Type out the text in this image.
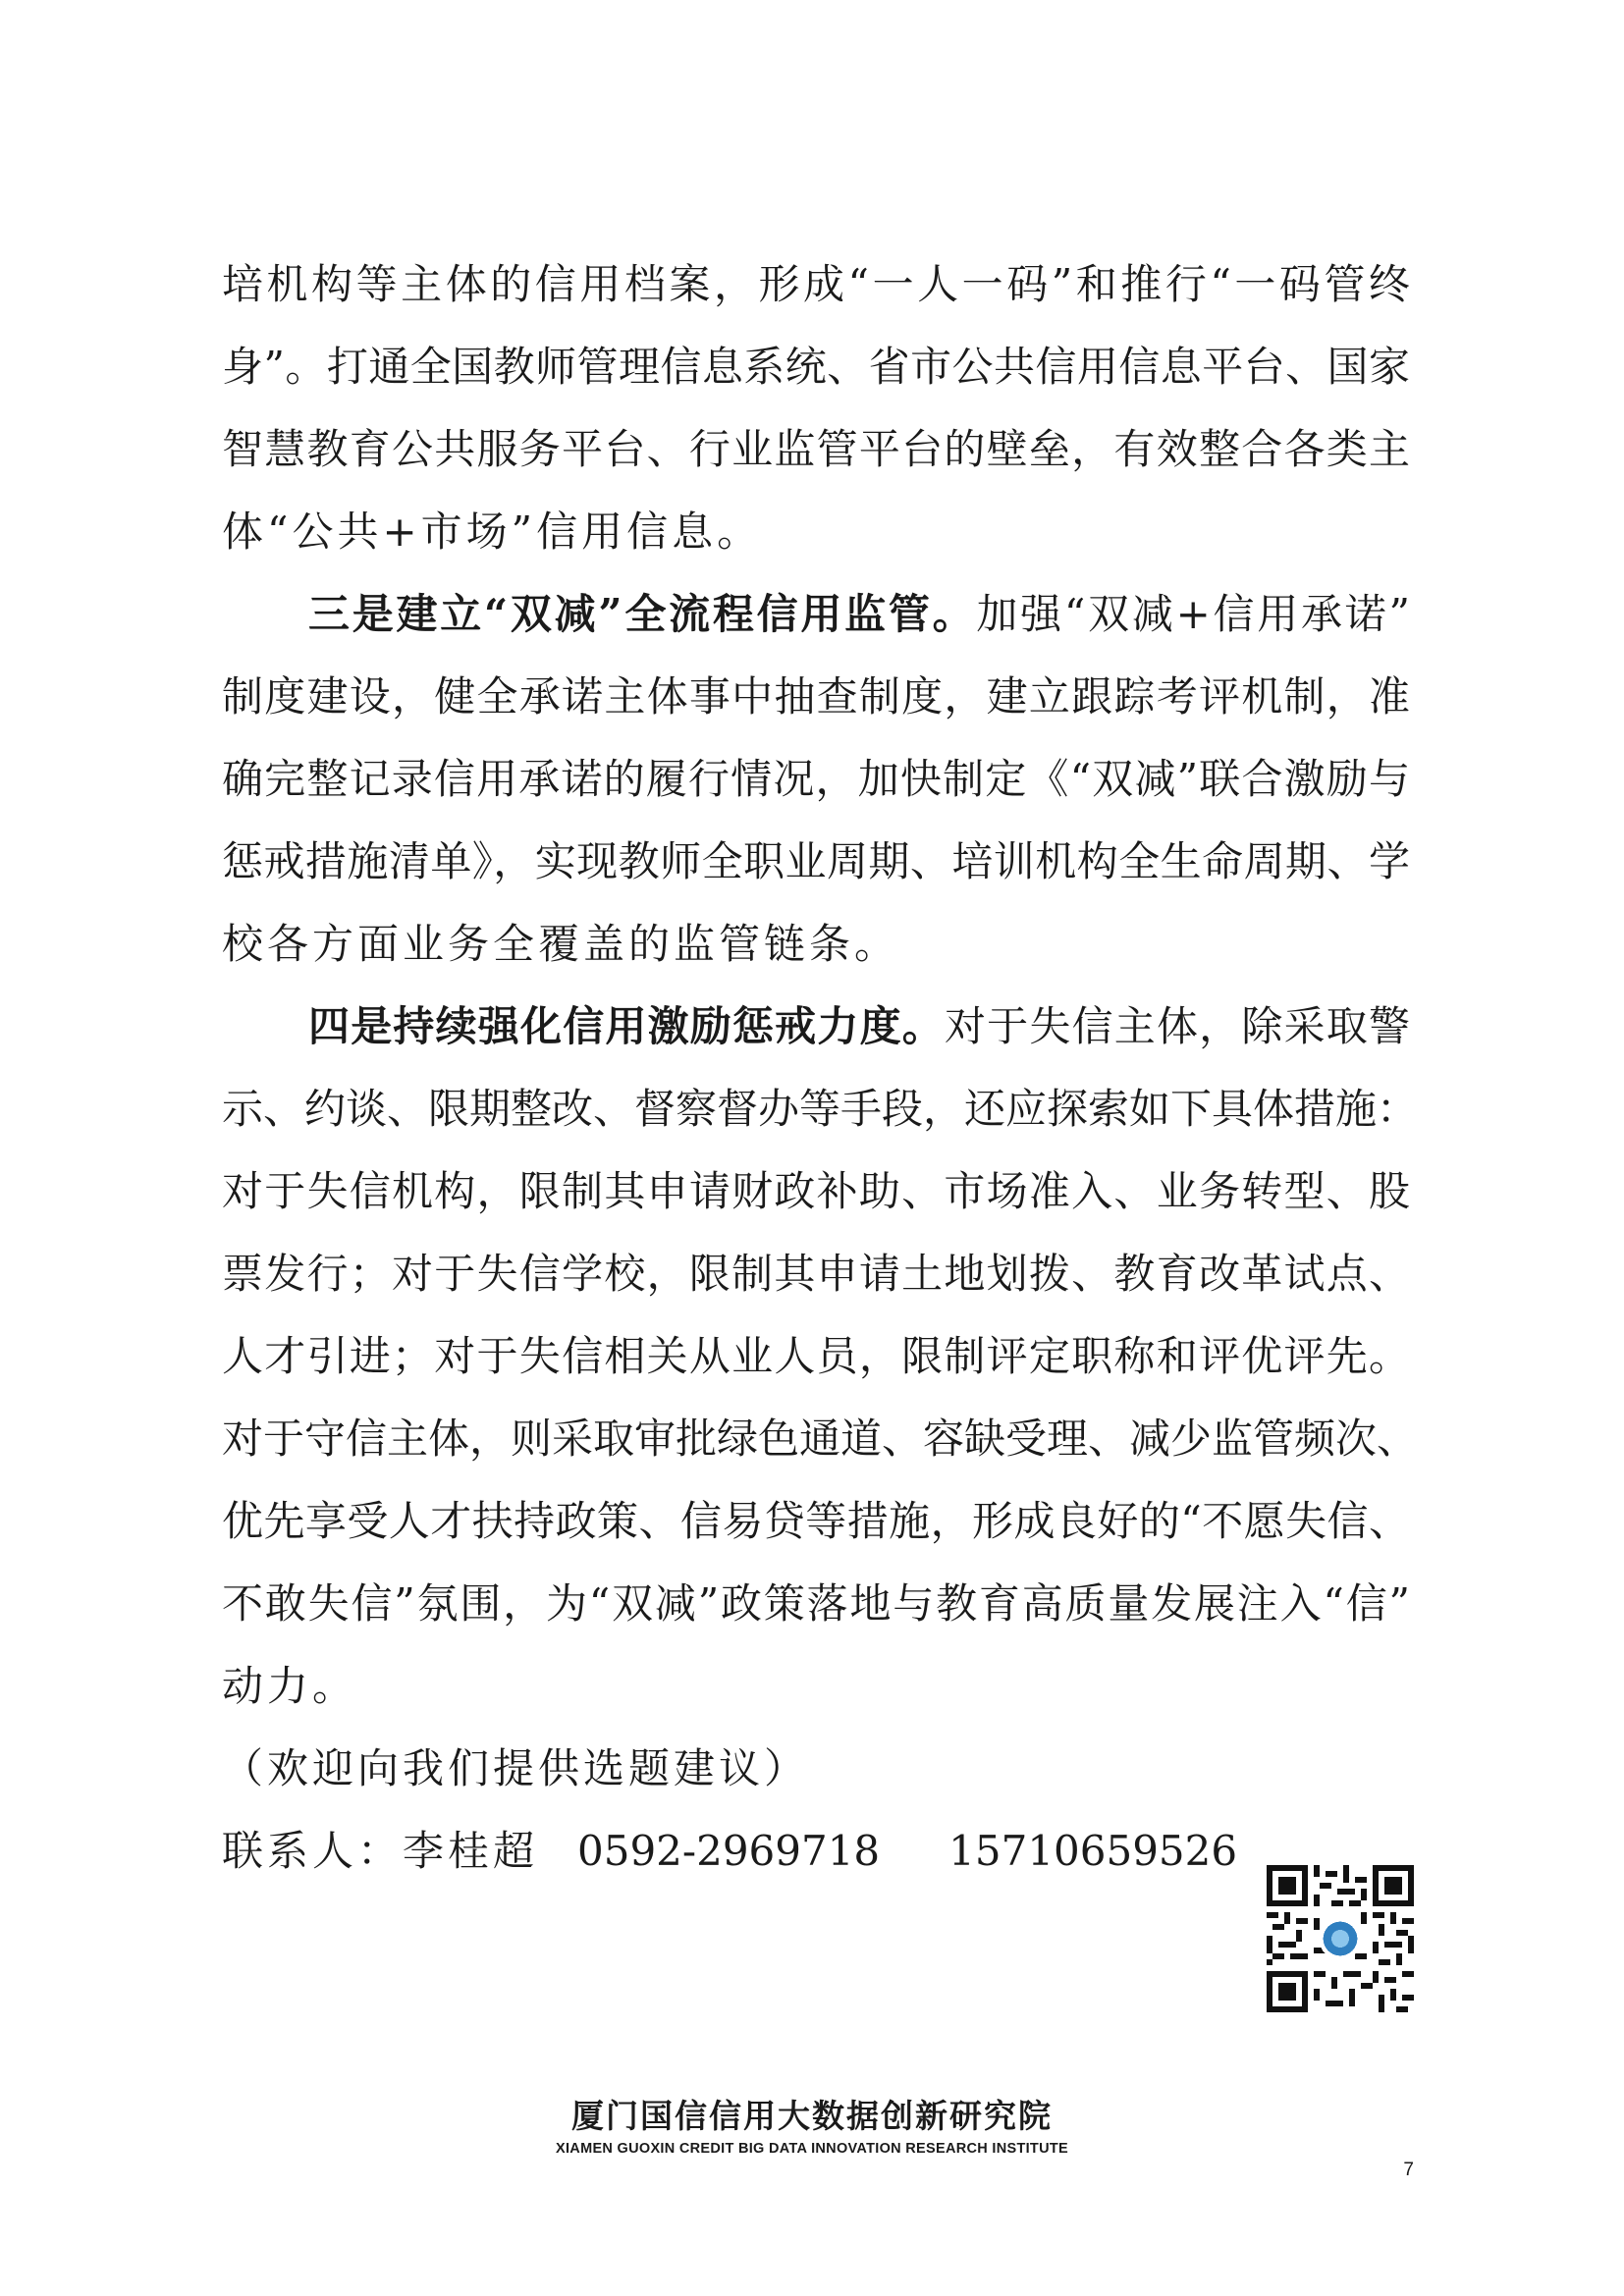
培机构等主体的信用档案，形成“一人一码”和推行“一码管终
身”。打通全国教师管理信息系统、省市公共信用信息平台、国家
智慧教育公共服务平台、行业监管平台的壁垒，有效整合各类主
体“公共+市场”信用信息。
三是建立“双减”全流程信用监管。加强“双减+信用承诺”
制度建设，健全承诺主体事中抽查制度，建立跟踪考评机制，准
确完整记录信用承诺的履行情况，加快制定《“双减”联合激励与
惩戒措施清单》，实现教师全职业周期、培训机构全生命周期、学
校各方面业务全覆盖的监管链条。
四是持续强化信用激励惩戒力度。对于失信主体，除采取警
示、约谈、限期整改、督察督办等手段，还应探索如下具体措施：
对于失信机构，限制其申请财政补助、市场准入、业务转型、股
票发行；对于失信学校，限制其申请土地划拨、教育改革试点、
人才引进；对于失信相关从业人员，限制评定职称和评优评先。
对于守信主体，则采取审批绿色通道、容缺受理、减少监管频次、
优先享受人才扶持政策、信易贷等措施，形成良好的“不愿失信、
不敢失信”氛围，为“双减”政策落地与教育高质量发展注入“信”
动力。
（欢迎向我们提供选题建议）
联系人：李桂超 0592-2969718 15710659526
厦门国信信用大数据创新研究院
XIAMEN GUOXIN CREDIT BIG DATA INNOVATION RESEARCH INSTITUTE
7
